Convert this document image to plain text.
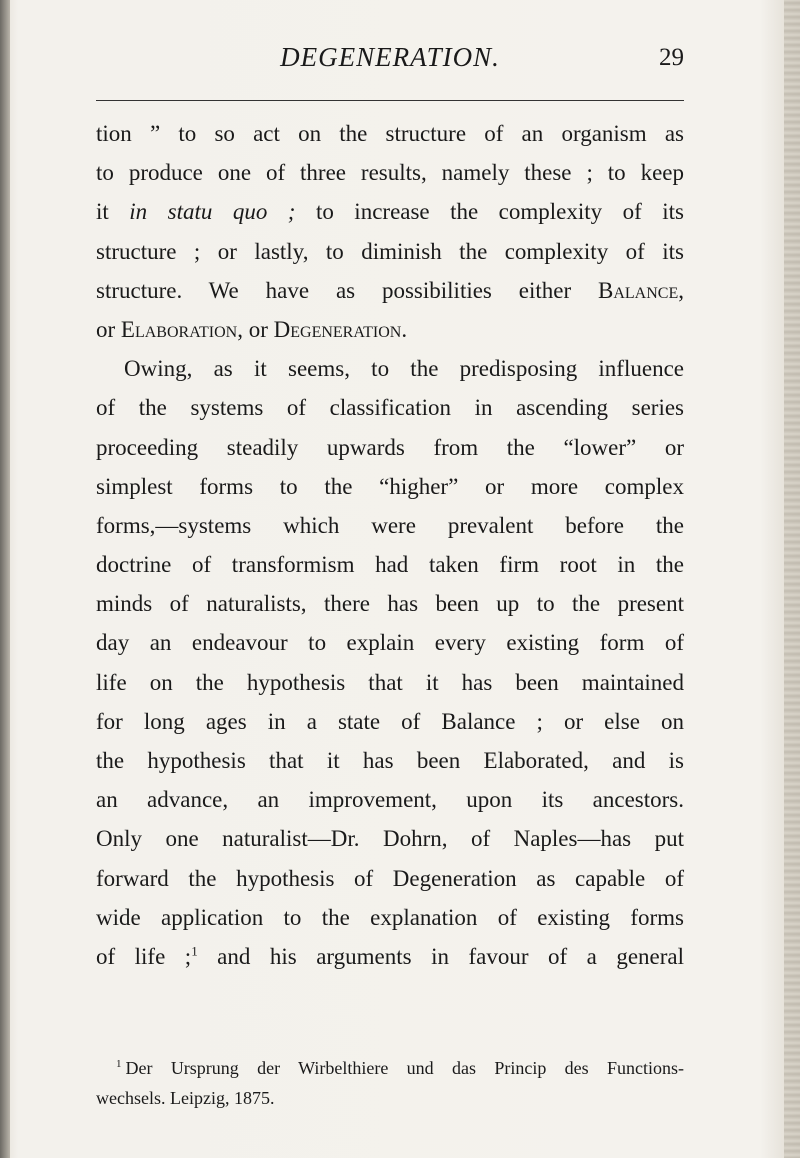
DEGENERATION.	29
tion ” to so act on the structure of an organism as
to produce one of three results, namely these ; to keep
it in statu quo ; to increase the complexity of its
structure ; or lastly, to diminish the complexity of its
structure. We have as possibilities either Balance,
or Elaboration, or Degeneration.
Owing, as it seems, to the predisposing influence
of the systems of classification in ascending series
proceeding steadily upwards from the “lower” or
simplest forms to the “higher” or more complex
forms,—systems which were prevalent before the
doctrine of transformism had taken firm root in the
minds of naturalists, there has been up to the present
day an endeavour to explain every existing form of
life on the hypothesis that it has been maintained
for long ages in a state of Balance ; or else on
the hypothesis that it has been Elaborated, and is
an advance, an improvement, upon its ancestors.
Only one naturalist—Dr. Dohrn, of Naples—has put
forward the hypothesis of Degeneration as capable of
wide application to the explanation of existing forms
of life ;$^1$ and his arguments in favour of a general
$^1$ Der Ursprung der Wirbelthiere und das Princip des Functions-
wechsels. Leipzig, 1875.
